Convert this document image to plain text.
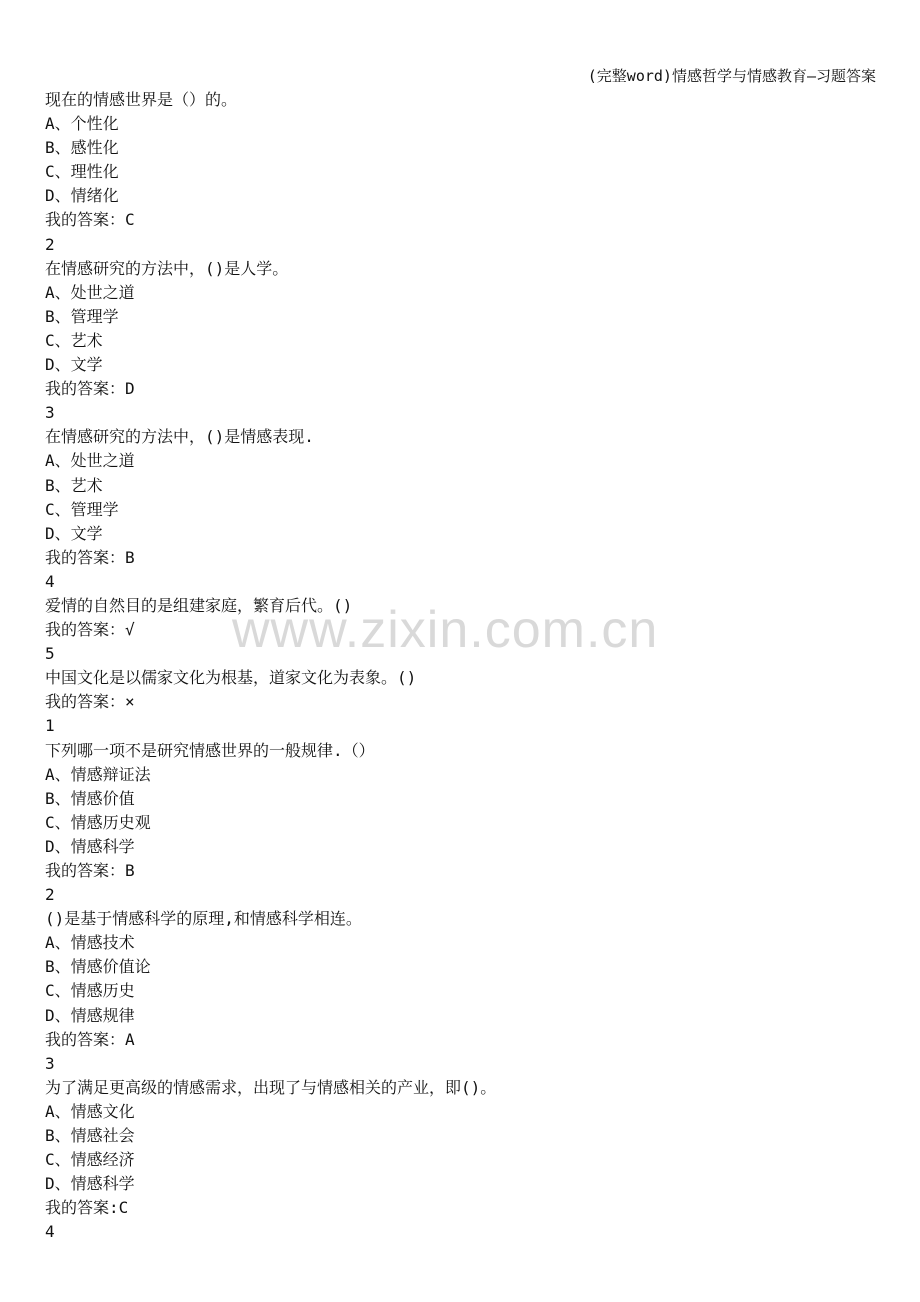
(完整word)情感哲学与情感教育—习题答案
www.zixin.com.cn
现在的情感世界是（）的。
A、个性化
B、感性化
C、理性化
D、情绪化
我的答案：C
2
在情感研究的方法中，()是人学。
A、处世之道
B、管理学
C、艺术
D、文学
我的答案：D
3
在情感研究的方法中，()是情感表现.
A、处世之道
B、艺术
C、管理学
D、文学
我的答案：B
4
爱情的自然目的是组建家庭，繁育后代。()
我的答案：√
5
中国文化是以儒家文化为根基，道家文化为表象。()
我的答案：×
1
下列哪一项不是研究情感世界的一般规律.（）
A、情感辩证法
B、情感价值
C、情感历史观
D、情感科学
我的答案：B
2
()是基于情感科学的原理,和情感科学相连。
A、情感技术
B、情感价值论
C、情感历史
D、情感规律
我的答案：A
3
为了满足更高级的情感需求，出现了与情感相关的产业，即()。
A、情感文化
B、情感社会
C、情感经济
D、情感科学
我的答案:C
4
